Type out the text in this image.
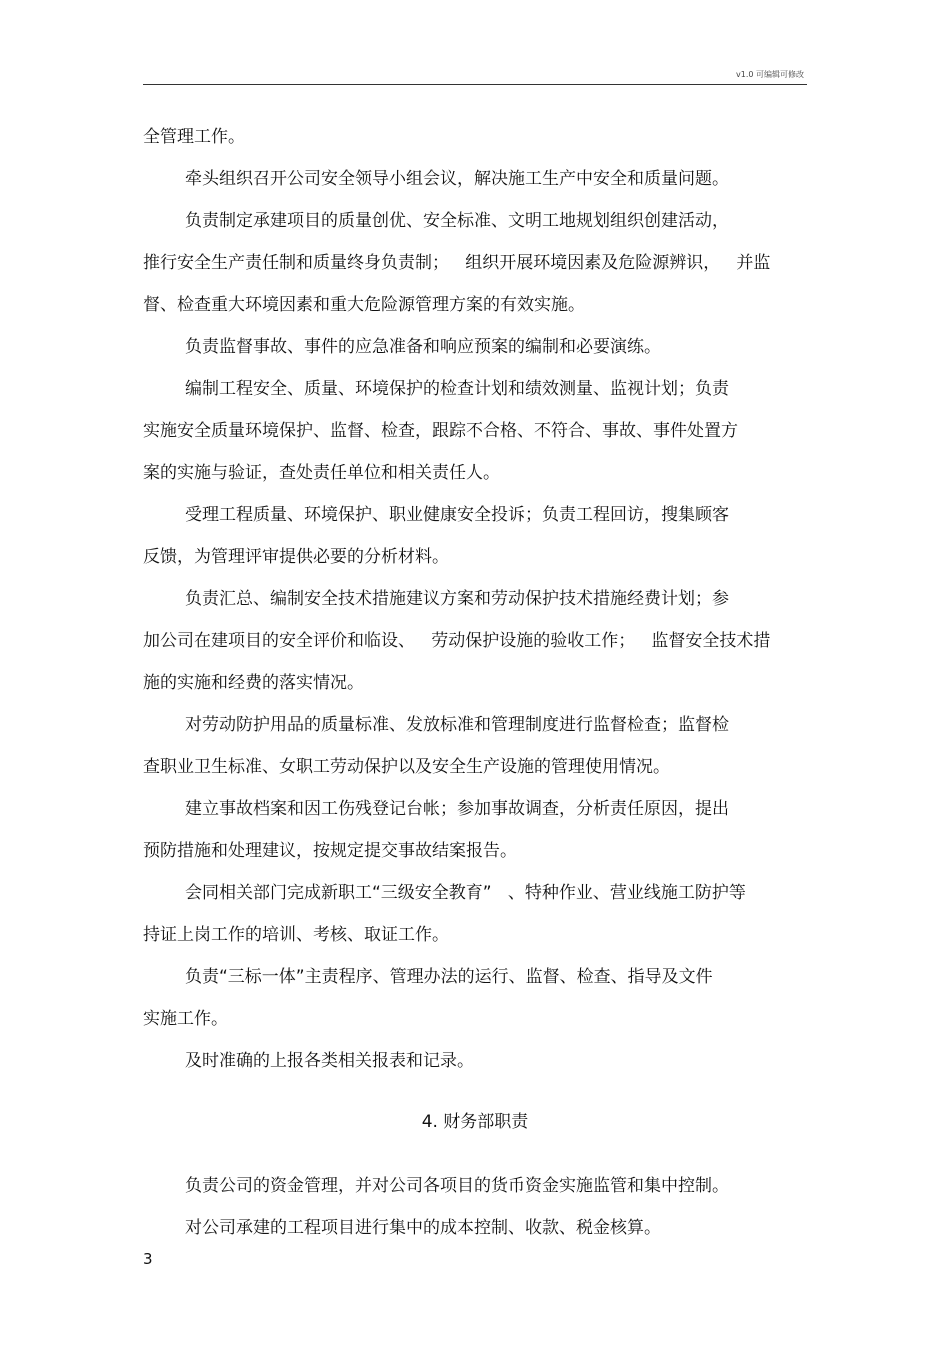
v1.0 可编辑可修改
全管理工作。
牵头组织召开公司安全领导小组会议，解决施工生产中安全和质量问题。
负责制定承建项目的质量创优、安全标准、文明工地规划组织创建活动，
推行安全生产责任制和质量终身负责制；   组织开展环境因素及危险源辨识，   并监
督、检查重大环境因素和重大危险源管理方案的有效实施。
负责监督事故、事件的应急准备和响应预案的编制和必要演练。
编制工程安全、质量、环境保护的检查计划和绩效测量、监视计划；负责
实施安全质量环境保护、监督、检查，跟踪不合格、不符合、事故、事件处置方
案的实施与验证，查处责任单位和相关责任人。
受理工程质量、环境保护、职业健康安全投诉；负责工程回访，搜集顾客
反馈，为管理评审提供必要的分析材料。
负责汇总、编制安全技术措施建议方案和劳动保护技术措施经费计划；参
加公司在建项目的安全评价和临设、   劳动保护设施的验收工作；   监督安全技术措
施的实施和经费的落实情况。
对劳动防护用品的质量标准、发放标准和管理制度进行监督检查；监督检
查职业卫生标准、女职工劳动保护以及安全生产设施的管理使用情况。
建立事故档案和因工伤残登记台帐；参加事故调查，分析责任原因，提出
预防措施和处理建议，按规定提交事故结案报告。
会同相关部门完成新职工“三级安全教育”   、特种作业、营业线施工防护等
持证上岗工作的培训、考核、取证工作。
负责“三标一体”主责程序、管理办法的运行、监督、检查、指导及文件
实施工作。
及时准确的上报各类相关报表和记录。
4. 财务部职责
负责公司的资金管理，并对公司各项目的货币资金实施监管和集中控制。
对公司承建的工程项目进行集中的成本控制、收款、税金核算。
3
